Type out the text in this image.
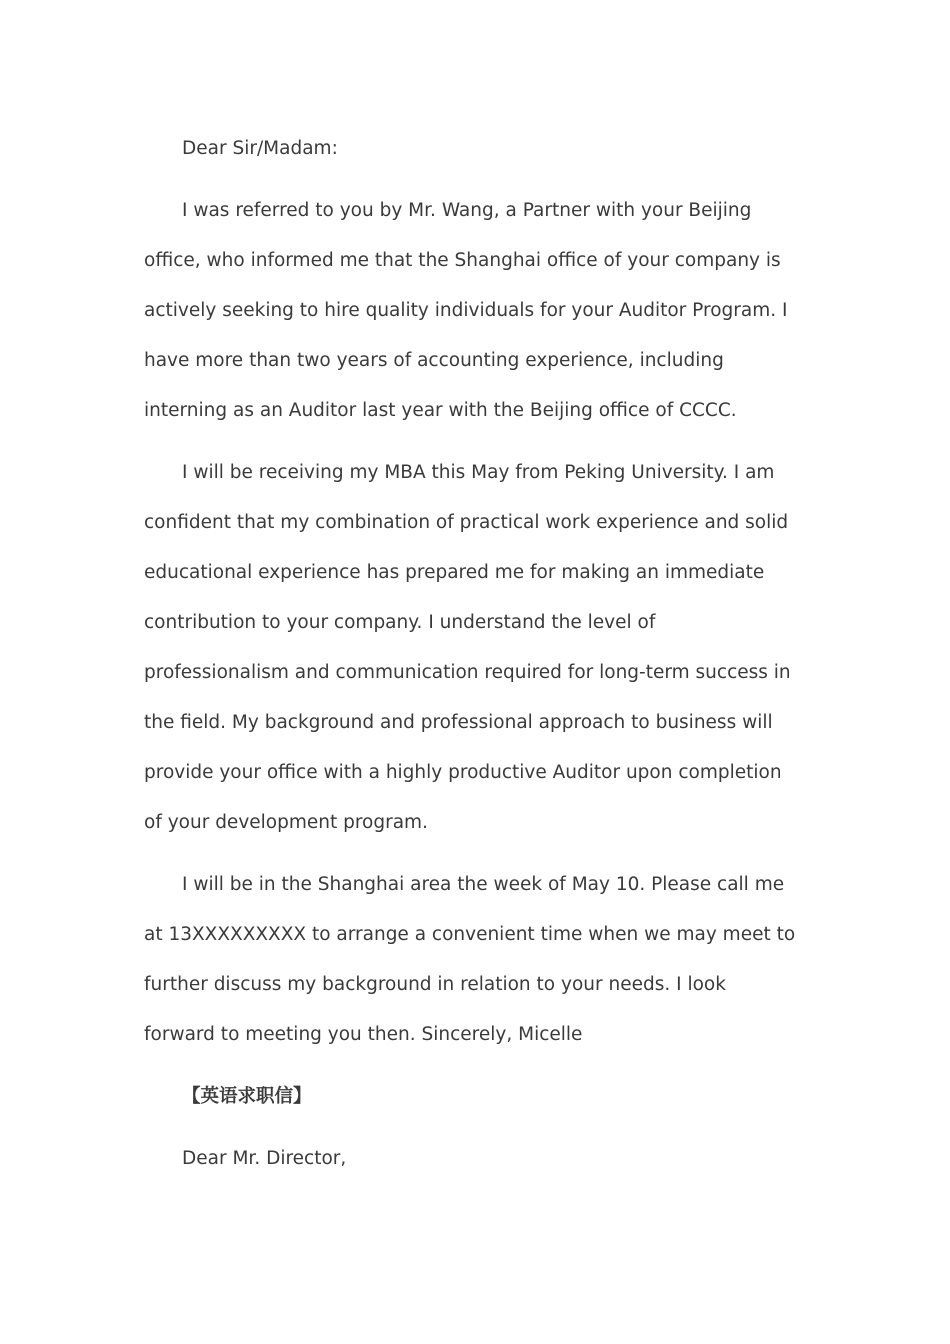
Dear Sir/Madam:

I was referred to you by Mr. Wang, a Partner with your Beijing office, who informed me that the Shanghai office of your company is actively seeking to hire quality individuals for your Auditor Program. I have more than two years of accounting experience, including interning as an Auditor last year with the Beijing office of CCCC.

I will be receiving my MBA this May from Peking University. I am confident that my combination of practical work experience and solid educational experience has prepared me for making an immediate contribution to your company. I understand the level of professionalism and communication required for long-term success in the field. My background and professional approach to business will provide your office with a highly productive Auditor upon completion of your development program.

I will be in the Shanghai area the week of May 10. Please call me at 13XXXXXXXXX to arrange a convenient time when we may meet to further discuss my background in relation to your needs. I look forward to meeting you then. Sincerely, Micelle

【英语求职信】

Dear Mr. Director,
